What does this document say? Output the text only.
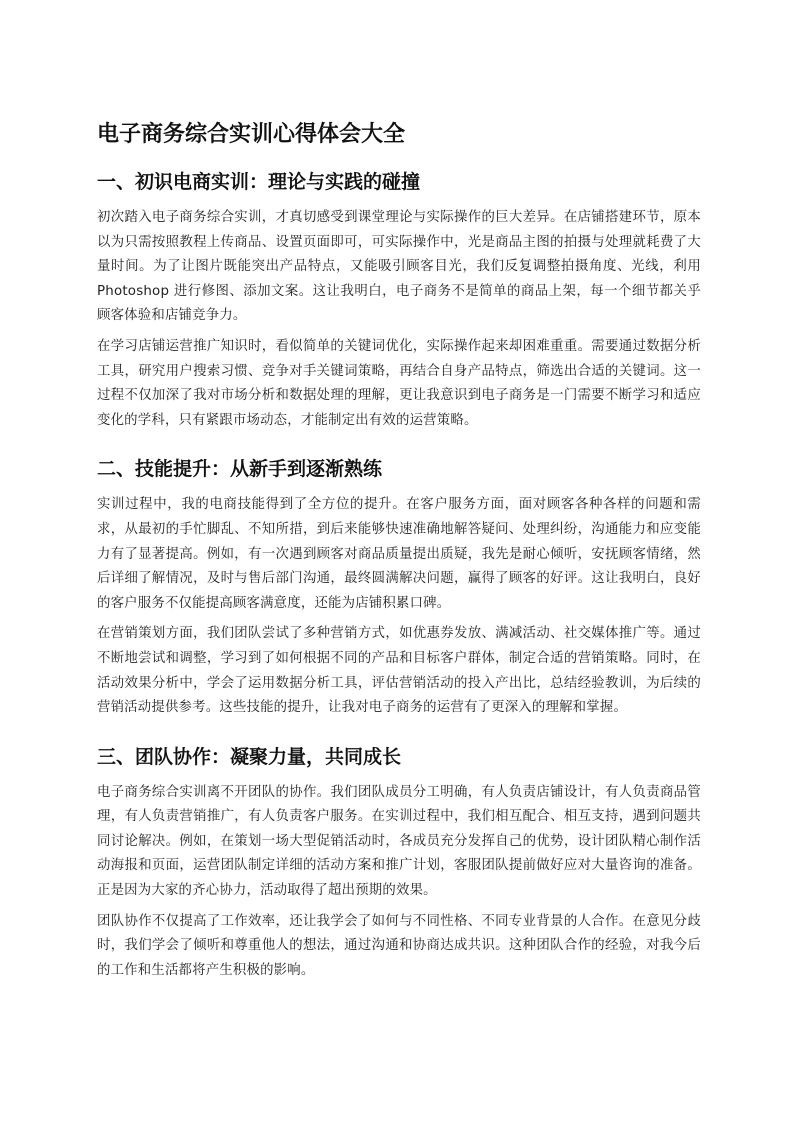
电子商务综合实训心得体会大全
一、初识电商实训：理论与实践的碰撞

初次踏入电子商务综合实训，才真切感受到课堂理论与实际操作的巨大差异。在店铺搭建环节，原本以为只需按照教程上传商品、设置页面即可，可实际操作中，光是商品主图的拍摄与处理就耗费了大量时间。为了让图片既能突出产品特点，又能吸引顾客目光，我们反复调整拍摄角度、光线，利用 Photoshop 进行修图、添加文案。这让我明白，电子商务不是简单的商品上架，每一个细节都关乎顾客体验和店铺竞争力。

在学习店铺运营推广知识时，看似简单的关键词优化，实际操作起来却困难重重。需要通过数据分析工具，研究用户搜索习惯、竞争对手关键词策略，再结合自身产品特点，筛选出合适的关键词。这一过程不仅加深了我对市场分析和数据处理的理解，更让我意识到电子商务是一门需要不断学习和适应变化的学科，只有紧跟市场动态，才能制定出有效的运营策略。

二、技能提升：从新手到逐渐熟练

实训过程中，我的电商技能得到了全方位的提升。在客户服务方面，面对顾客各种各样的问题和需求，从最初的手忙脚乱、不知所措，到后来能够快速准确地解答疑问、处理纠纷，沟通能力和应变能力有了显著提高。例如，有一次遇到顾客对商品质量提出质疑，我先是耐心倾听，安抚顾客情绪，然后详细了解情况，及时与售后部门沟通，最终圆满解决问题，赢得了顾客的好评。这让我明白，良好的客户服务不仅能提高顾客满意度，还能为店铺积累口碑。

在营销策划方面，我们团队尝试了多种营销方式，如优惠券发放、满减活动、社交媒体推广等。通过不断地尝试和调整，学习到了如何根据不同的产品和目标客户群体，制定合适的营销策略。同时，在活动效果分析中，学会了运用数据分析工具，评估营销活动的投入产出比，总结经验教训，为后续的营销活动提供参考。这些技能的提升，让我对电子商务的运营有了更深入的理解和掌握。

三、团队协作：凝聚力量，共同成长

电子商务综合实训离不开团队的协作。我们团队成员分工明确，有人负责店铺设计，有人负责商品管理，有人负责营销推广，有人负责客户服务。在实训过程中，我们相互配合、相互支持，遇到问题共同讨论解决。例如，在策划一场大型促销活动时，各成员充分发挥自己的优势，设计团队精心制作活动海报和页面，运营团队制定详细的活动方案和推广计划，客服团队提前做好应对大量咨询的准备。正是因为大家的齐心协力，活动取得了超出预期的效果。

团队协作不仅提高了工作效率，还让我学会了如何与不同性格、不同专业背景的人合作。在意见分歧时，我们学会了倾听和尊重他人的想法，通过沟通和协商达成共识。这种团队合作的经验，对我今后的工作和生活都将产生积极的影响。
